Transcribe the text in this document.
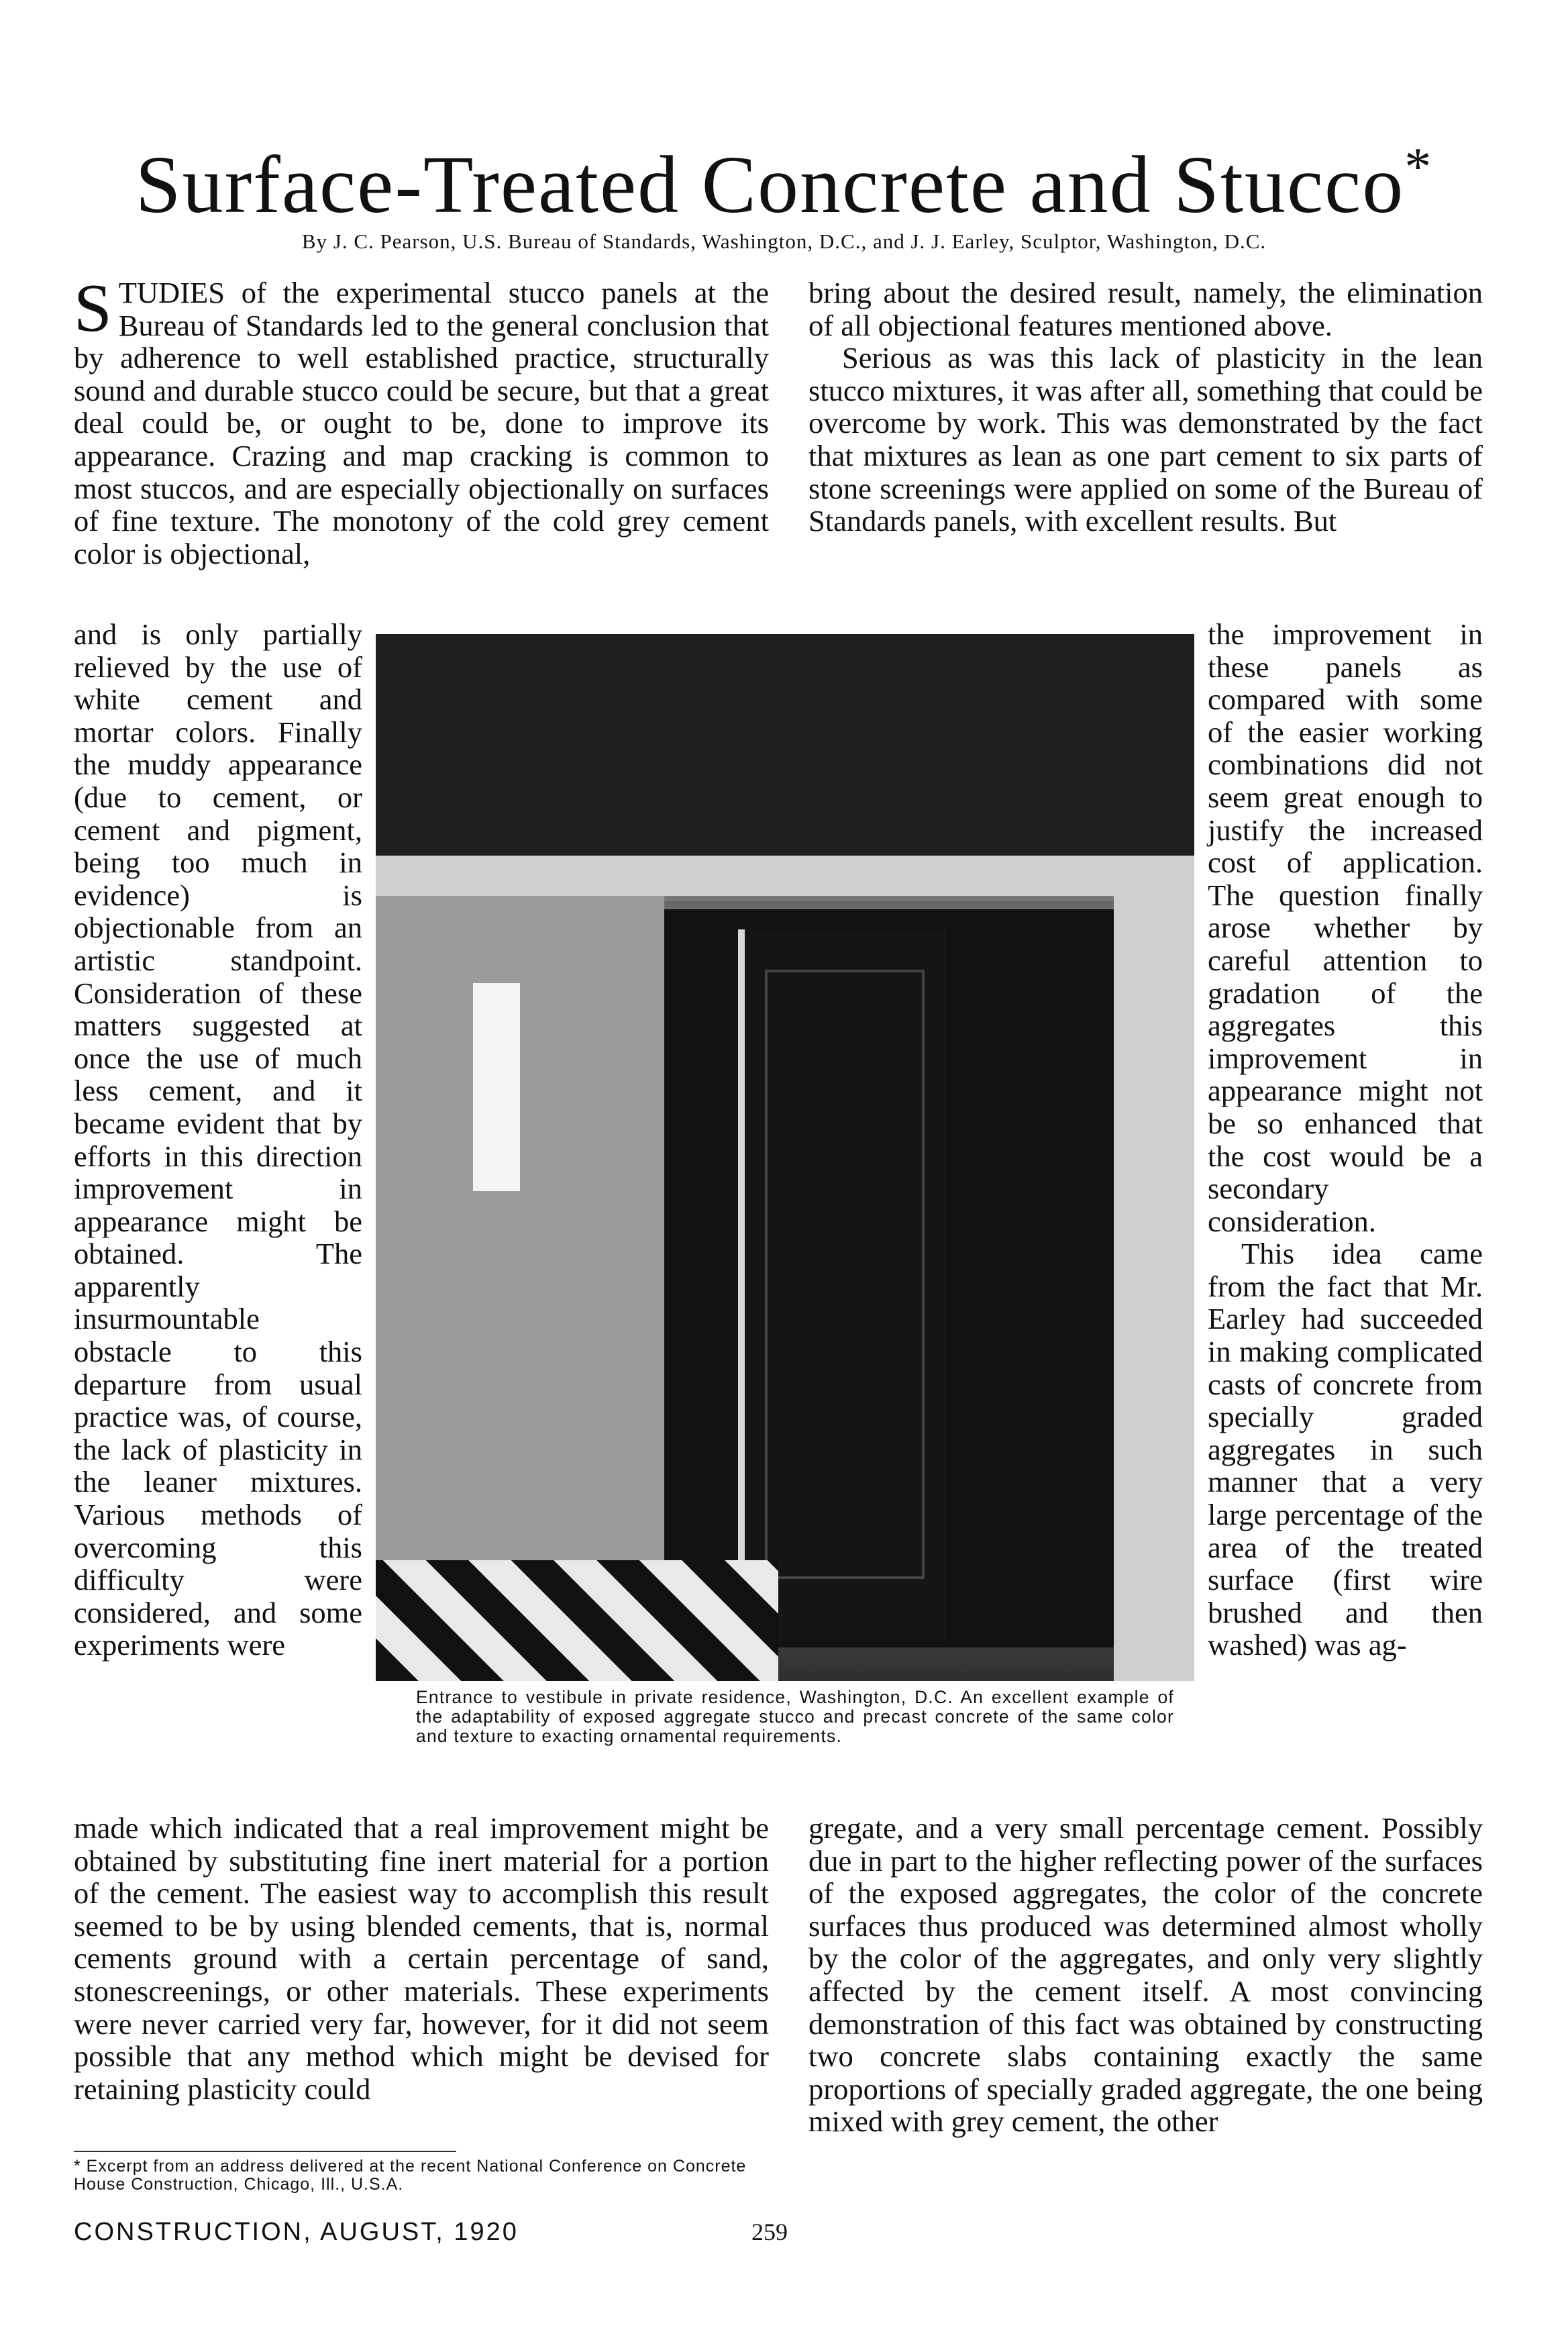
Surface-Treated Concrete and Stucco*
By J. C. Pearson, U.S. Bureau of Standards, Washington, D.C., and J. J. Earley, Sculptor, Washington, D.C.

STUDIES of the experimental stucco panels at the Bureau of Standards led to the general conclusion that by adherence to well established practice, structurally sound and durable stucco could be secure, but that a great deal could be, or ought to be, done to improve its appearance. Crazing and map cracking is common to most stuccos, and are especially objectionally on surfaces of fine texture. The monotony of the cold grey cement color is objectional,

and is only partially relieved by the use of white cement and mortar colors. Finally the muddy appearance (due to cement, or cement and pigment, being too much in evidence) is objectionable from an artistic standpoint. Consideration of these matters suggested at once the use of much less cement, and it became evident that by efforts in this direction improvement in appearance might be obtained. The apparently insurmountable obstacle to this departure from usual practice was, of course, the lack of plasticity in the leaner mixtures. Various methods of overcoming this difficulty were considered, and some experiments were

made which indicated that a real improvement might be obtained by substituting fine inert material for a portion of the cement. The easiest way to accomplish this result seemed to be by using blended cements, that is, normal cements ground with a certain percentage of sand, stonescreenings, or other materials. These experiments were never carried very far, however, for it did not seem possible that any method which might be devised for retaining plasticity could

bring about the desired result, namely, the elimination of all objectional features mentioned above.

Serious as was this lack of plasticity in the lean stucco mixtures, it was after all, something that could be overcome by work. This was demonstrated by the fact that mixtures as lean as one part cement to six parts of stone screenings were applied on some of the Bureau of Standards panels, with excellent results. But

the improvement in these panels as compared with some of the easier working combinations did not seem great enough to justify the increased cost of application. The question finally arose whether by careful attention to gradation of the aggregates this improvement in appearance might not be so enhanced that the cost would be a secondary consideration.

This idea came from the fact that Mr. Earley had succeeded in making complicated casts of concrete from specially graded aggregates in such manner that a very large percentage of the area of the treated surface (first wire brushed and then washed) was ag-

gregate, and a very small percentage cement. Possibly due in part to the higher reflecting power of the surfaces of the exposed aggregates, the color of the concrete surfaces thus produced was determined almost wholly by the color of the aggregates, and only very slightly affected by the cement itself. A most convincing demonstration of this fact was obtained by constructing two concrete slabs containing exactly the same proportions of specially graded aggregate, the one being mixed with grey cement, the other

Entrance to vestibule in private residence, Washington, D.C. An excellent example of the adaptability of exposed aggregate stucco and precast concrete of the same color and texture to exacting ornamental requirements.
* Excerpt from an address delivered at the recent National Conference on Concrete House Construction, Chicago, Ill., U.S.A.
CONSTRUCTION, AUGUST, 1920	259
